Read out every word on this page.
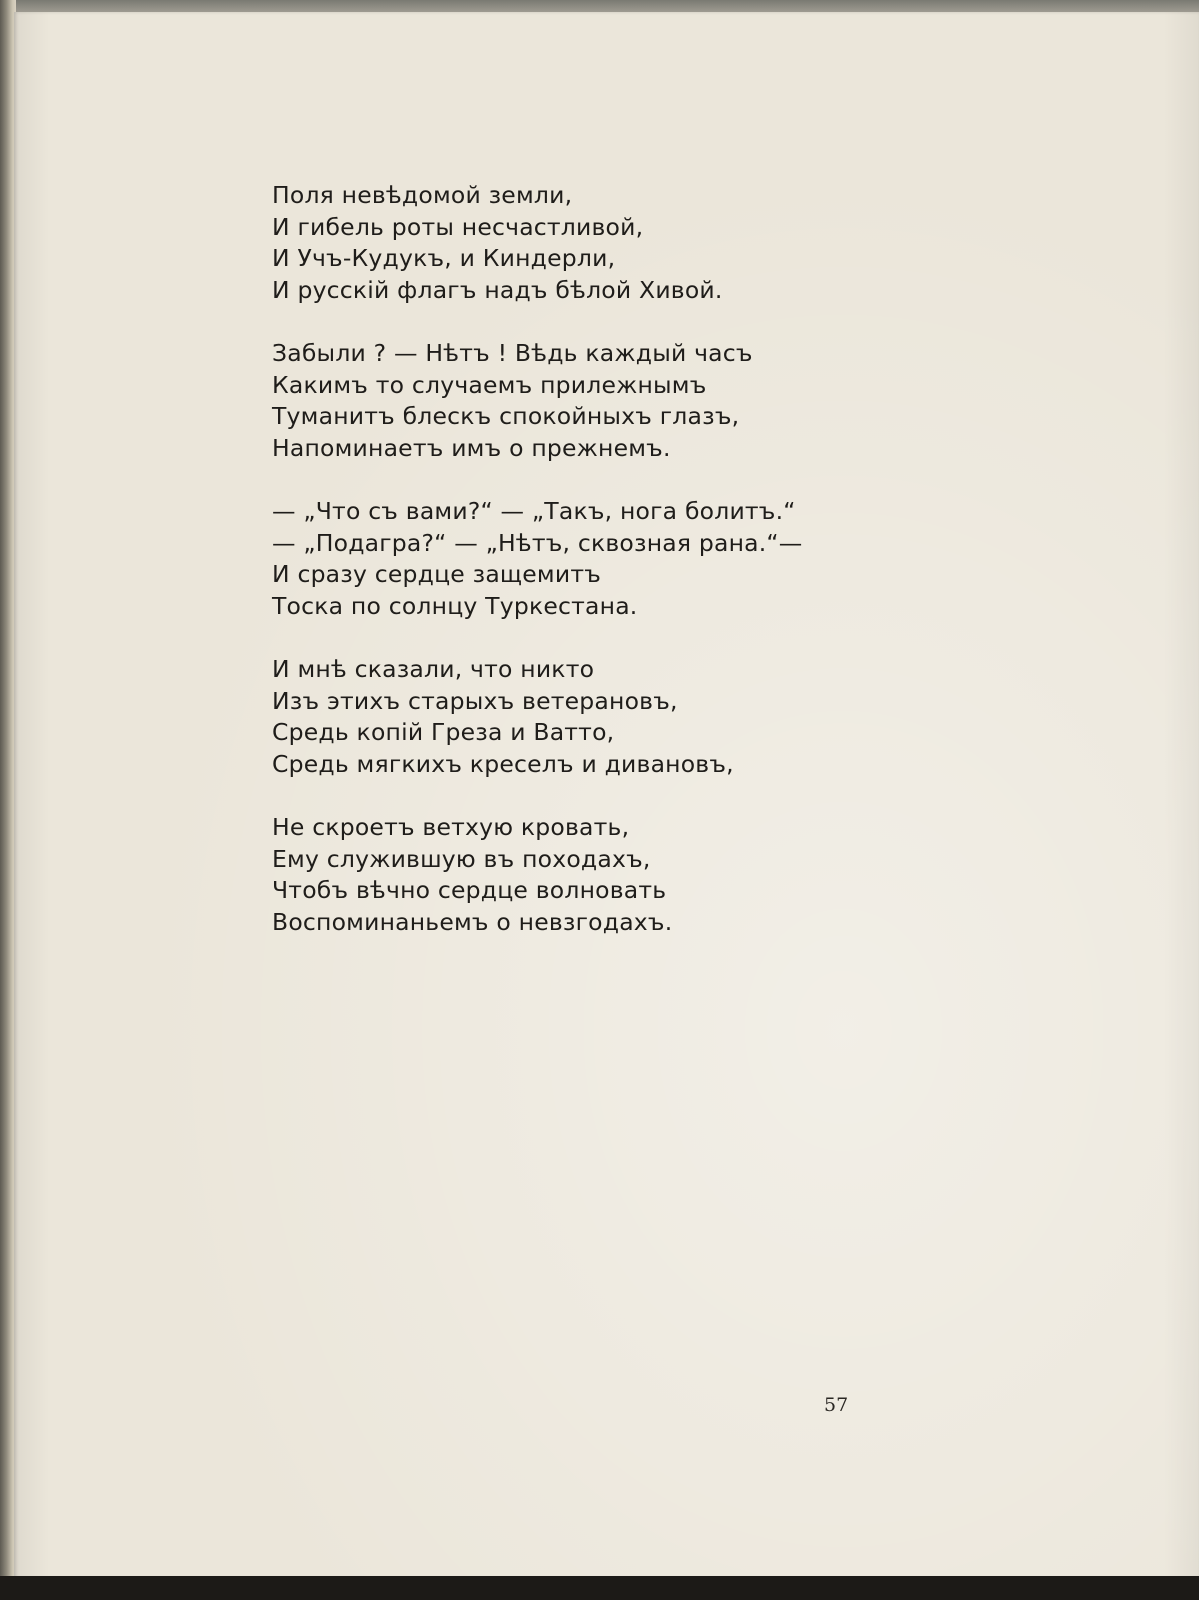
Поля невѣдомой земли,
И гибель роты несчастливой,
И Учъ-Кудукъ, и Киндерли,
И русскій флагъ надъ бѣлой Хивой.
Забыли ? — Нѣтъ ! Вѣдь каждый часъ
Какимъ то случаемъ прилежнымъ
Туманитъ блескъ спокойныхъ глазъ,
Напоминаетъ имъ о прежнемъ.
— „Что съ вами?“ — „Такъ, нога болитъ.“
— „Подагра?“ — „Нѣтъ, сквозная рана.“—
И сразу сердце защемитъ
Тоска по солнцу Туркестана.
И мнѣ сказали, что никто
Изъ этихъ старыхъ ветерановъ,
Средь копій Греза и Ватто,
Средь мягкихъ креселъ и дивановъ,
Не скроетъ ветхую кровать,
Ему служившую въ походахъ,
Чтобъ вѣчно сердце волновать
Воспоминаньемъ о невзгодахъ.
57
